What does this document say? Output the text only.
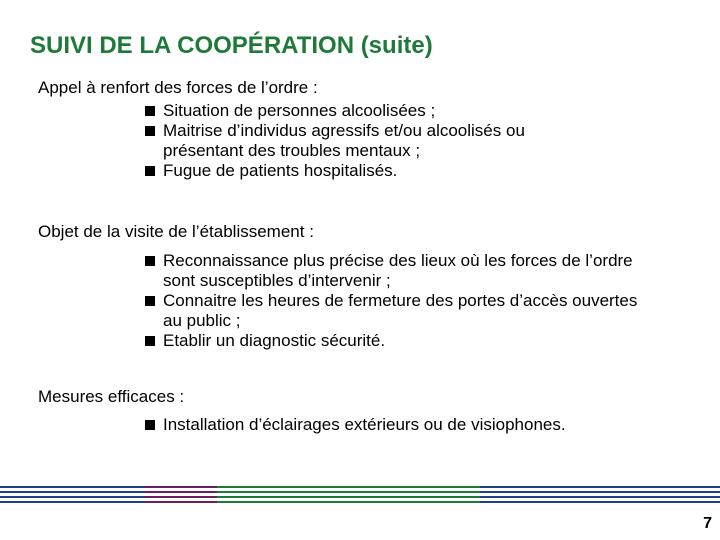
SUIVI DE LA COOPÉRATION (suite)
Appel à renfort des forces de l’ordre :
Situation de personnes alcoolisées ;
Maitrise d’individus agressifs et/ou alcoolisés ou présentant des troubles mentaux ;
Fugue de patients hospitalisés.
Objet de la visite de l’établissement :
Reconnaissance plus précise des lieux où les forces de l’ordre sont susceptibles d’intervenir ;
Connaitre les heures de fermeture des portes d’accès ouvertes au public ;
Etablir un diagnostic sécurité.
Mesures efficaces :
Installation d’éclairages extérieurs ou de visiophones.
7
